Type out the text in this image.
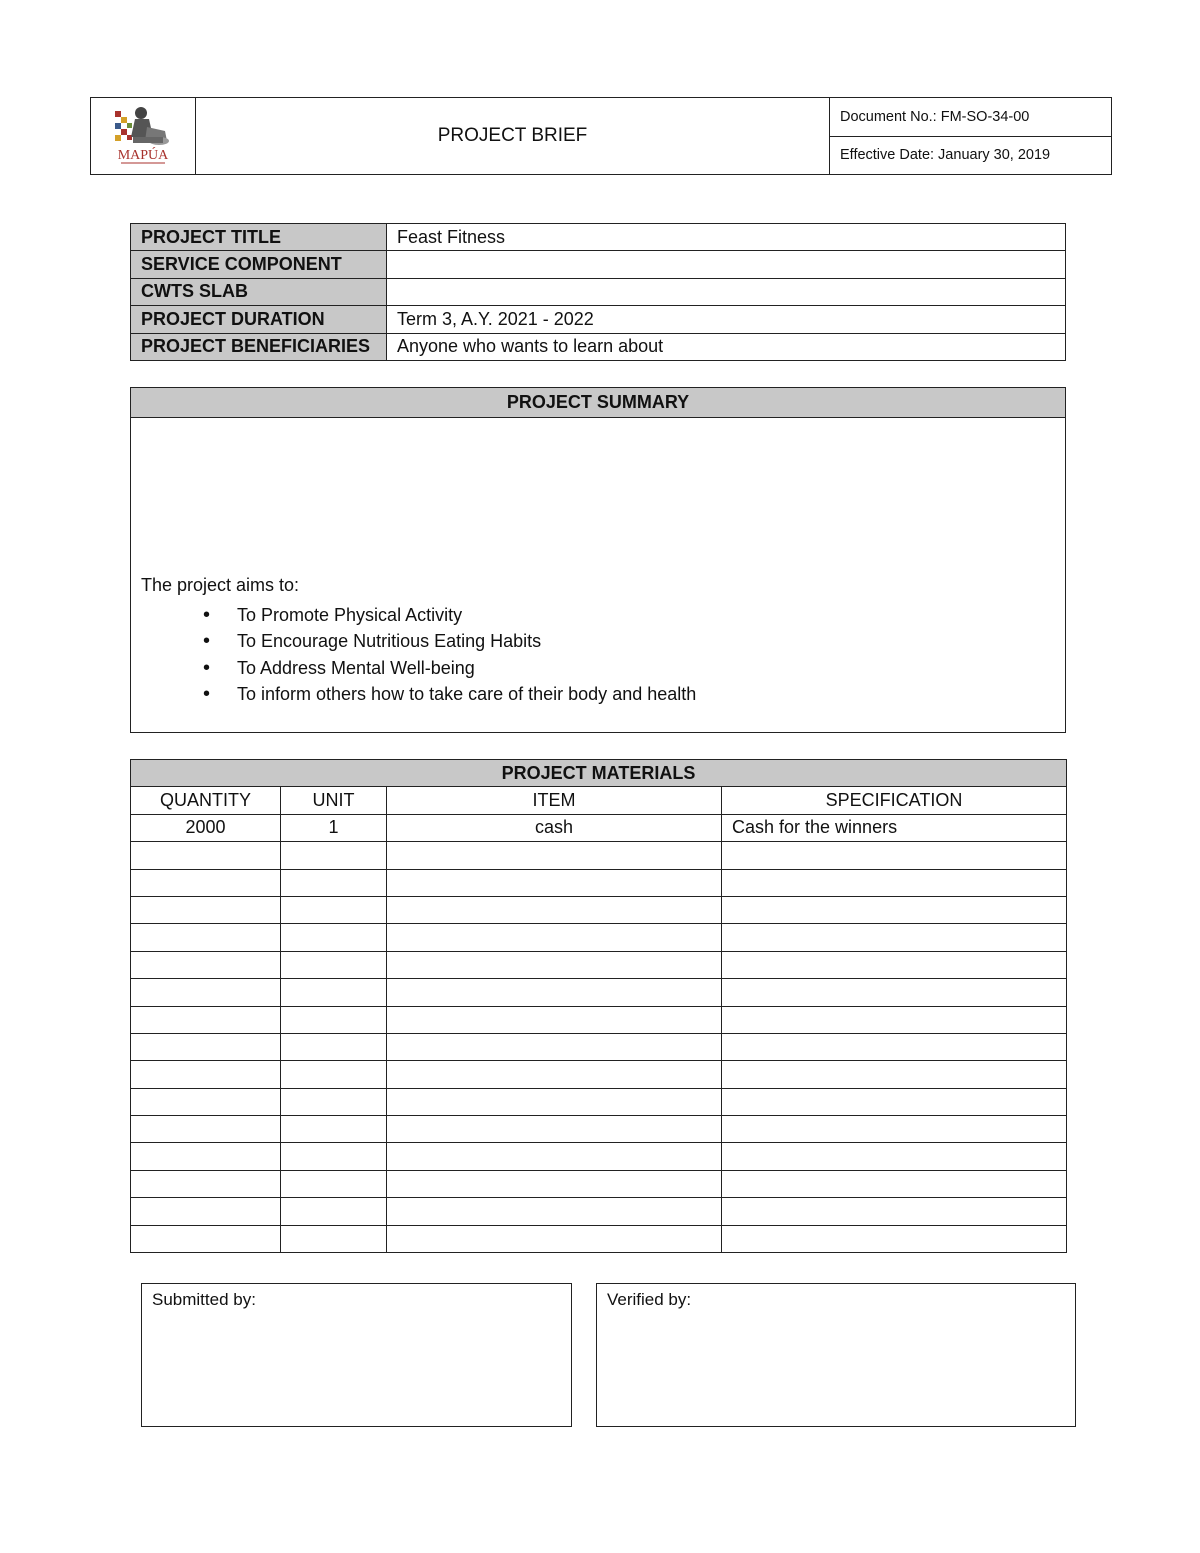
MAPÚA
	PROJECT BRIEF	Document No.: FM-SO-34-00
Effective Date: January 30, 2019
PROJECT TITLE	Feast Fitness
SERVICE COMPONENT	
CWTS SLAB	
PROJECT DURATION	Term 3, A.Y. 2021 - 2022
PROJECT BENEFICIARIES	Anyone who wants to learn about
PROJECT SUMMARY
The project aims to:
• To Promote Physical Activity
• To Encourage Nutritious Eating Habits
• To Address Mental Well-being
• To inform others how to take care of their body and health
PROJECT MATERIALS			
QUANTITY	UNIT	ITEM	SPECIFICATION
2000	1	cash	Cash for the winners

Submitted by:	Verified by:
